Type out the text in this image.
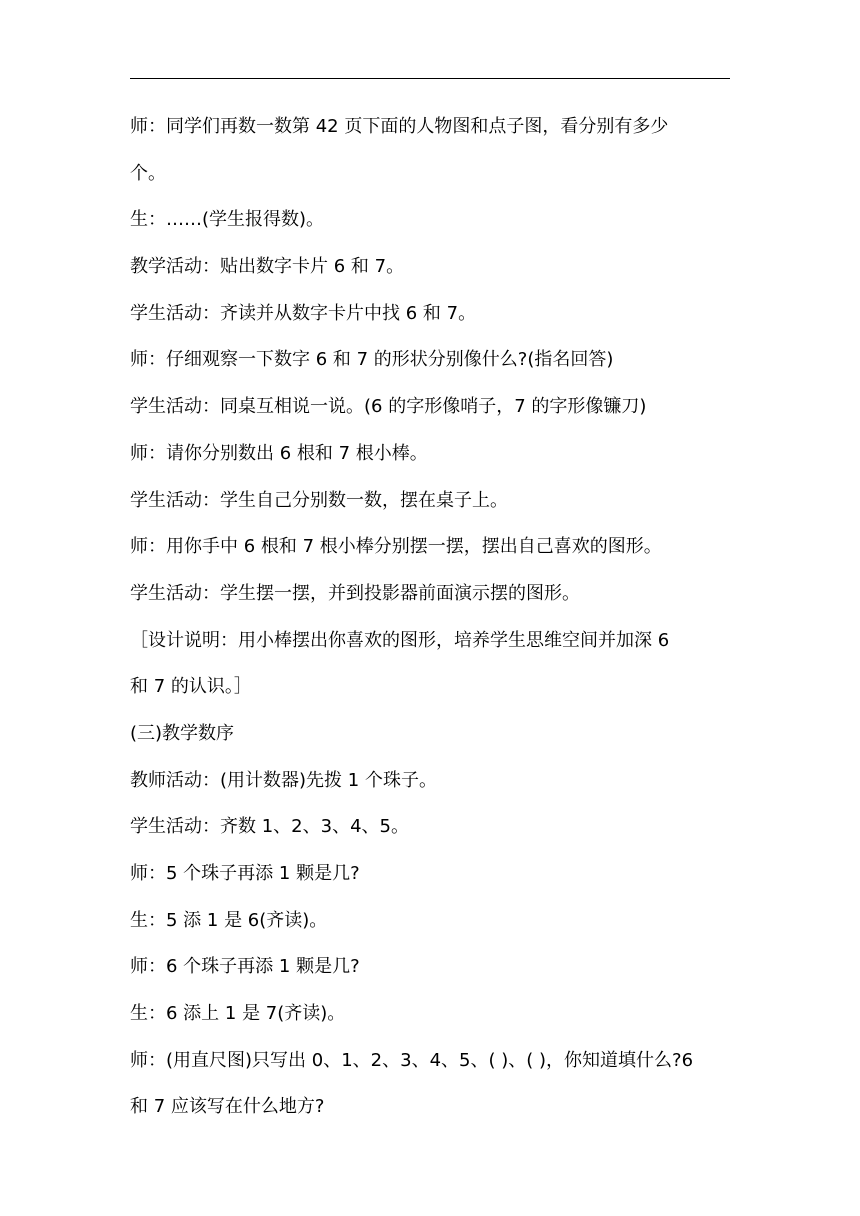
师：同学们再数一数第 42 页下面的人物图和点子图，看分别有多少
个。
生：……(学生报得数)。
教学活动：贴出数字卡片 6 和 7。
学生活动：齐读并从数字卡片中找 6 和 7。
师：仔细观察一下数字 6 和 7 的形状分别像什么?(指名回答)
学生活动：同桌互相说一说。(6 的字形像哨子，7 的字形像镰刀)
师：请你分别数出 6 根和 7 根小棒。
学生活动：学生自己分别数一数，摆在桌子上。
师：用你手中 6 根和 7 根小棒分别摆一摆，摆出自己喜欢的图形。
学生活动：学生摆一摆，并到投影器前面演示摆的图形。
［设计说明：用小棒摆出你喜欢的图形，培养学生思维空间并加深 6
和 7 的认识。］
(三)教学数序
教师活动：(用计数器)先拨 1 个珠子。
学生活动：齐数 1、2、3、4、5。
师：5 个珠子再添 1 颗是几?
生：5 添 1 是 6(齐读)。
师：6 个珠子再添 1 颗是几?
生：6 添上 1 是 7(齐读)。
师：(用直尺图)只写出 0、1、2、3、4、5、( )、( )，你知道填什么?6
和 7 应该写在什么地方?
